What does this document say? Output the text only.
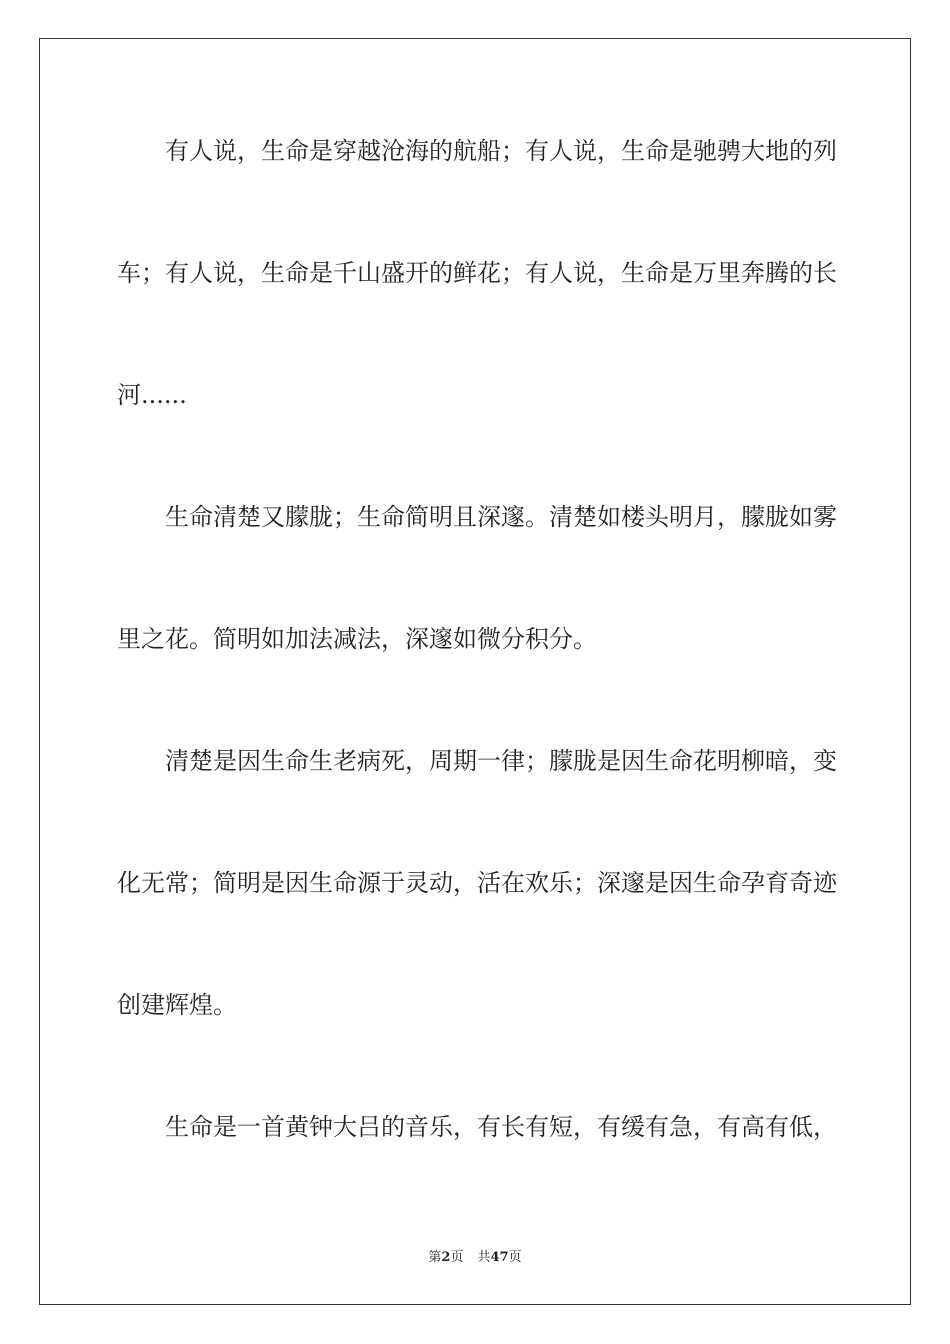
有人说，生命是穿越沧海的航船；有人说，生命是驰骋大地的列
车；有人说，生命是千山盛开的鲜花；有人说，生命是万里奔腾的长
河......
生命清楚又朦胧；生命简明且深邃。清楚如楼头明月，朦胧如雾
里之花。简明如加法减法，深邃如微分积分。
清楚是因生命生老病死，周期一律；朦胧是因生命花明柳暗，变
化无常；简明是因生命源于灵动，活在欢乐；深邃是因生命孕育奇迹
创建辉煌。
生命是一首黄钟大吕的音乐，有长有短，有缓有急，有高有低，
第2页 共47页
